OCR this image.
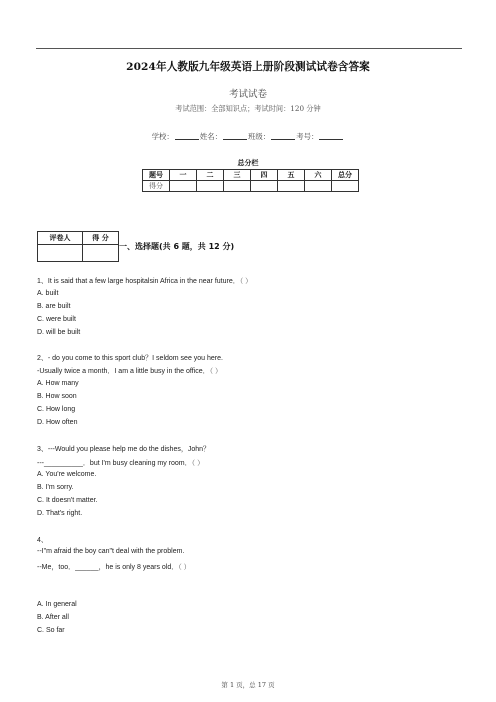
2024年人教版九年级英语上册阶段测试试卷含答案
考试试卷
考试范围：全部知识点；考试时间：120 分钟
学校：	姓名：	班级：	考号：
总分栏
题号	一	二	三	四	五	六	总分
得分							
评卷人	得 分

一、选择题(共 6 题，共 12 分)
1、It is said that a few large hospitalsin Africa in the near future．（ ）
A. built
B. are built
C. were built
D. will be built
2、- do you come to this sport club？I seldom see you here.
-Usually twice a month．I am a little busy in the office．（ ）
A. How many
B. How soon
C. How long
D. How often
3、---Would you please help me do the dishes，John？
---__________．but I'm busy cleaning my room．（ ）
A. You're welcome.
B. I'm sorry.
C. It doesn't matter.
D. That's right.
4、
--I"m afraid the boy can"t deal with the problem.
--Me，too．______，he is only 8 years old．（ ）
A. In general
B. After all
C. So far
第 1 页，总 17 页
